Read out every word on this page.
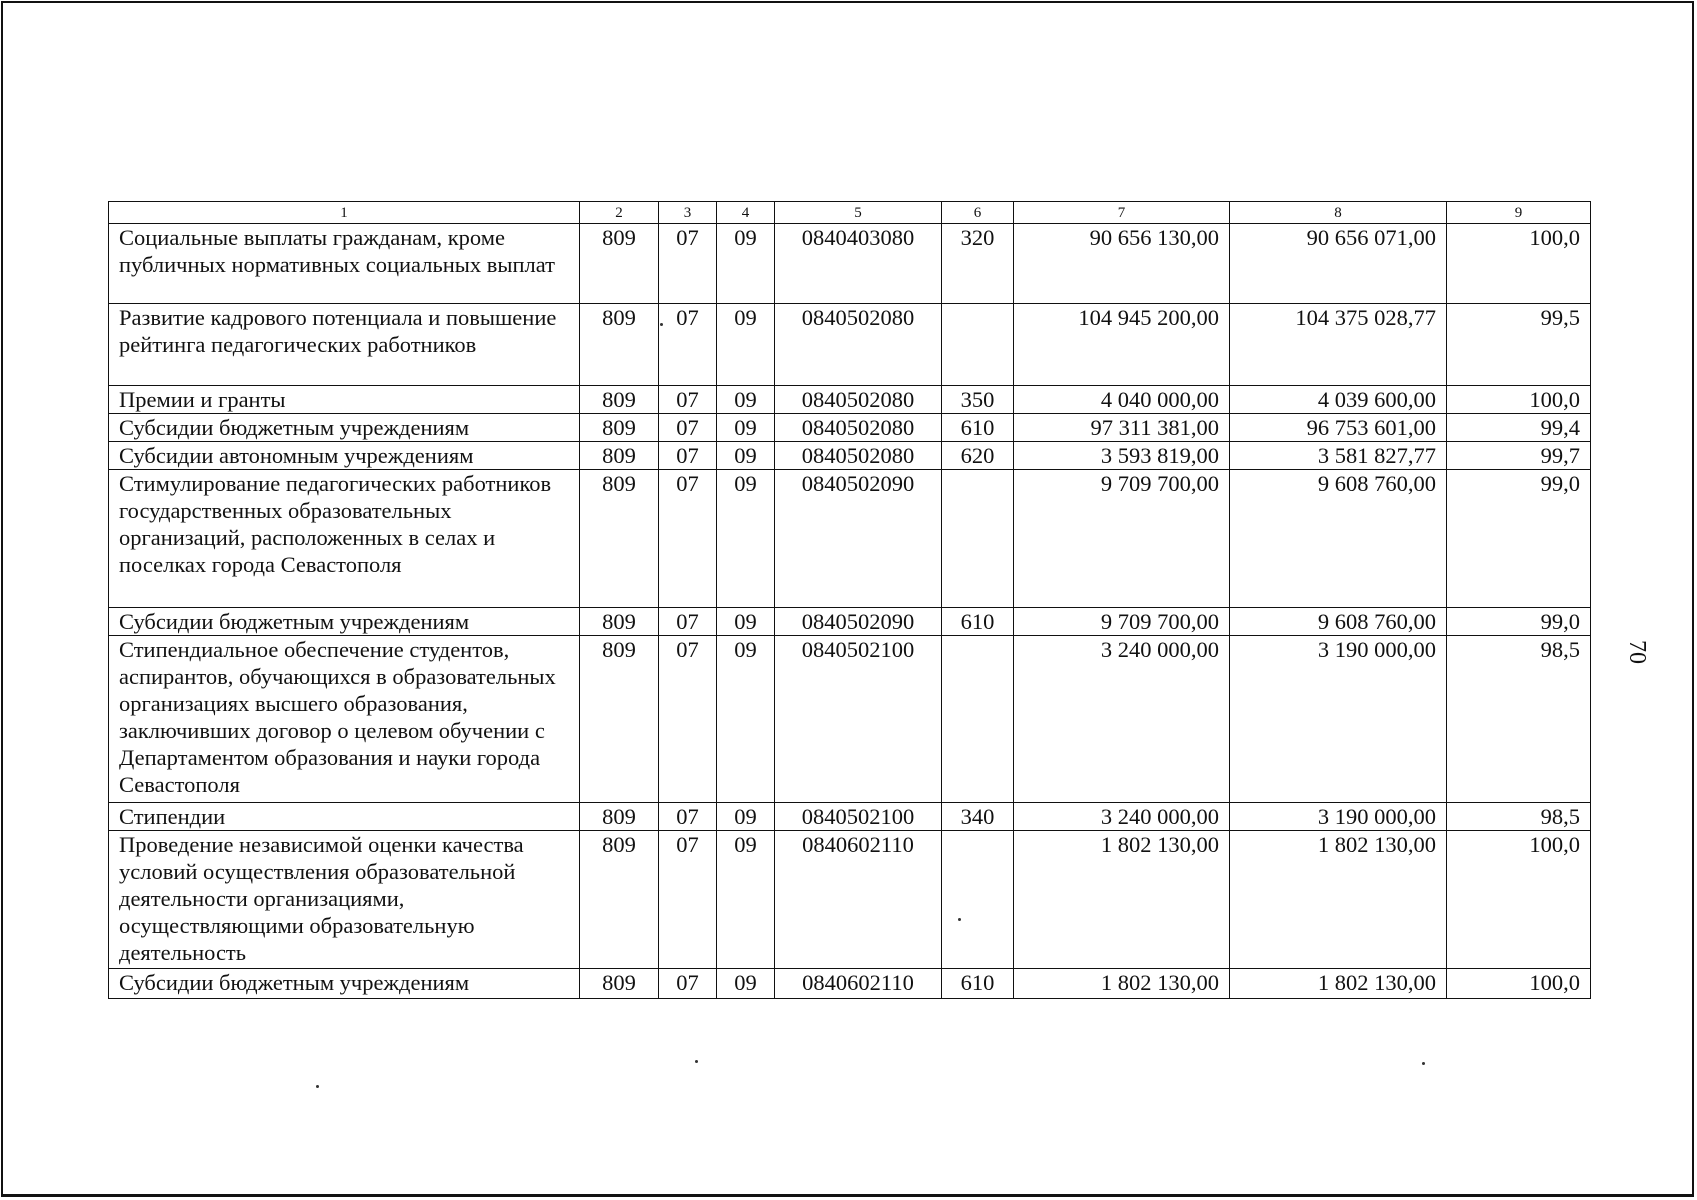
1	2	3	4	5	6	7	8	9
Социальные выплаты гражданам, кроме публичных нормативных социальных выплат	809	07	09	0840403080	320	90 656 130,00	90 656 071,00	100,0
Развитие кадрового потенциала и повышение рейтинга педагогических работников	809	07	09	0840502080		104 945 200,00	104 375 028,77	99,5
Премии и гранты	809	07	09	0840502080	350	4 040 000,00	4 039 600,00	100,0
Субсидии бюджетным учреждениям	809	07	09	0840502080	610	97 311 381,00	96 753 601,00	99,4
Субсидии автономным учреждениям	809	07	09	0840502080	620	3 593 819,00	3 581 827,77	99,7
Стимулирование педагогических работников государственных образовательных организаций, расположенных в селах и поселках города Севастополя	809	07	09	0840502090		9 709 700,00	9 608 760,00	99,0
Субсидии бюджетным учреждениям	809	07	09	0840502090	610	9 709 700,00	9 608 760,00	99,0
Стипендиальное обеспечение студентов, аспирантов, обучающихся в образовательных организациях высшего образования, заключивших договор о целевом обучении с Департаментом образования и науки города Севастополя	809	07	09	0840502100		3 240 000,00	3 190 000,00	98,5
Стипендии	809	07	09	0840502100	340	3 240 000,00	3 190 000,00	98,5
Проведение независимой оценки качества условий осуществления образовательной деятельности организациями, осуществляющими образовательную деятельность	809	07	09	0840602110		1 802 130,00	1 802 130,00	100,0
Субсидии бюджетным учреждениям	809	07	09	0840602110	610	1 802 130,00	1 802 130,00	100,0
70
